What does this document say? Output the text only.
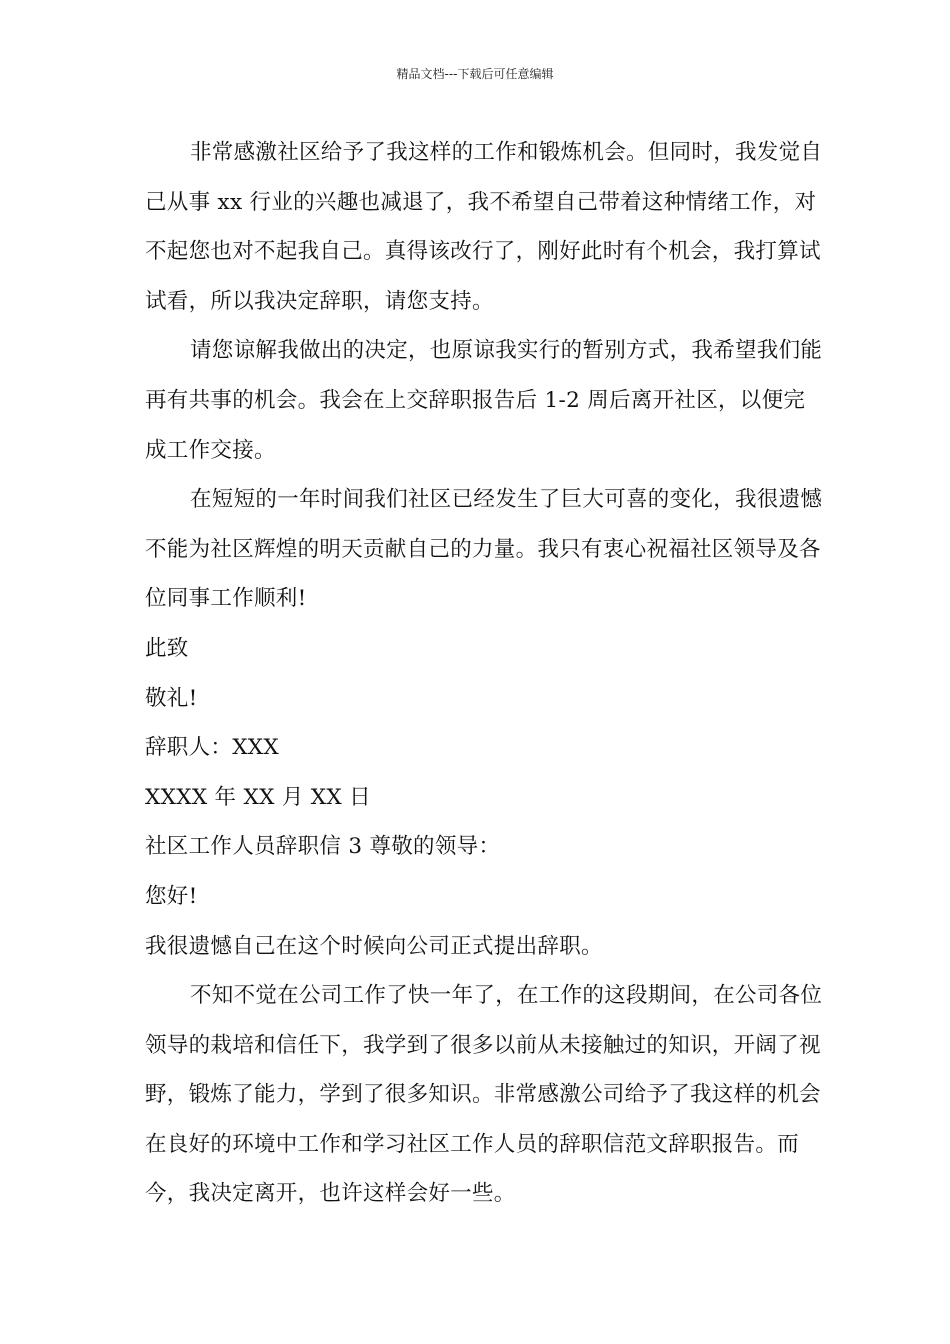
精品文档---下载后可任意编辑

非常感激社区给予了我这样的工作和锻炼机会。但同时，我发觉自己从事 xx 行业的兴趣也减退了，我不希望自己带着这种情绪工作，对不起您也对不起我自己。真得该改行了，刚好此时有个机会，我打算试试看，所以我决定辞职，请您支持。

请您谅解我做出的决定，也原谅我实行的暂别方式，我希望我们能再有共事的机会。我会在上交辞职报告后 1-2 周后离开社区，以便完成工作交接。

在短短的一年时间我们社区已经发生了巨大可喜的变化，我很遗憾不能为社区辉煌的明天贡献自己的力量。我只有衷心祝福社区领导及各位同事工作顺利!

此致

敬礼!

辞职人：XXX

XXXX 年 XX 月 XX 日

社区工作人员辞职信 3 尊敬的领导：

您好!

我很遗憾自己在这个时候向公司正式提出辞职。

不知不觉在公司工作了快一年了，在工作的这段期间，在公司各位领导的栽培和信任下，我学到了很多以前从未接触过的知识，开阔了视野，锻炼了能力，学到了很多知识。非常感激公司给予了我这样的机会在良好的环境中工作和学习社区工作人员的辞职信范文辞职报告。而今，我决定离开，也许这样会好一些。
